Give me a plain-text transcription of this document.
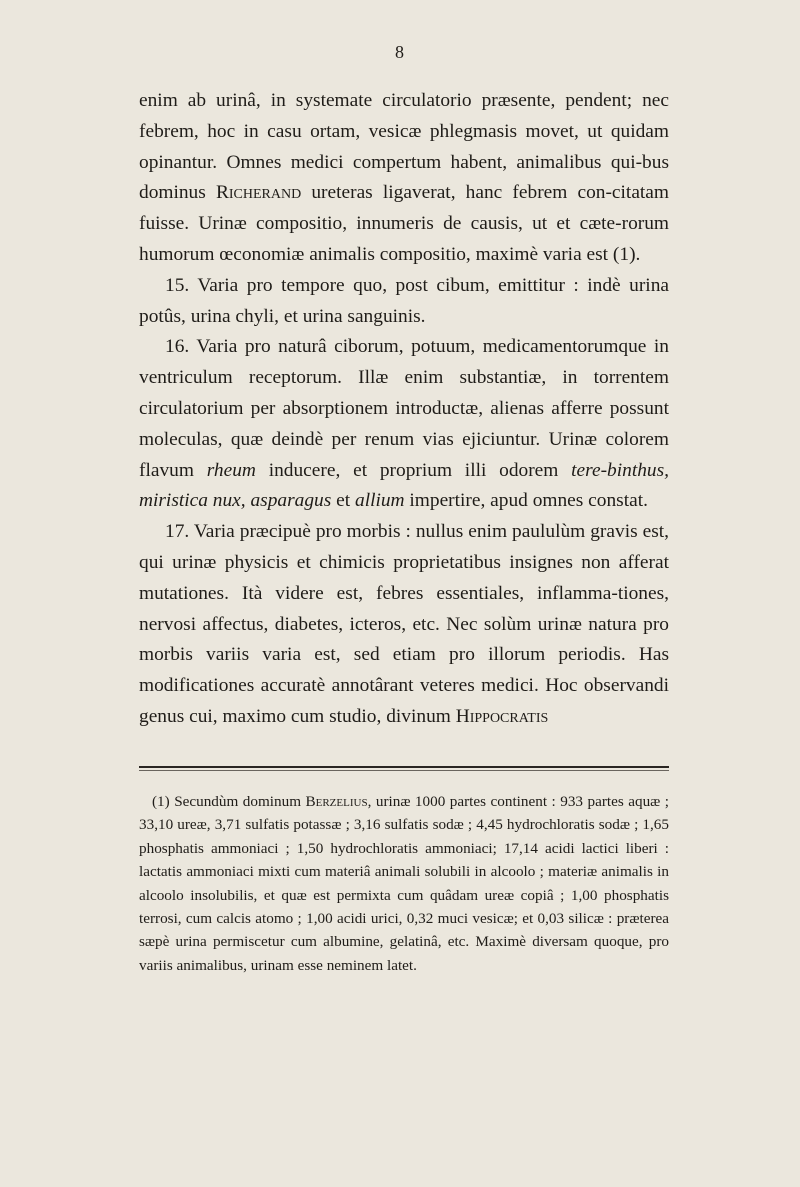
8

enim ab urinâ, in systemate circulatorio præsente, pendent; nec febrem, hoc in casu ortam, vesicæ phlegmasis movet, ut quidam opinantur. Omnes medici compertum habent, animalibus qui-bus dominus Richerand ureteras ligaverat, hanc febrem con-citatam fuisse. Urinæ compositio, innumeris de causis, ut et cæte-rorum humorum œconomiæ animalis compositio, maximè varia est (1).

15. Varia pro tempore quo, post cibum, emittitur : indè urina potûs, urina chyli, et urina sanguinis.

16. Varia pro naturâ ciborum, potuum, medicamentorumque in ventriculum receptorum. Illæ enim substantiæ, in torrentem circulatorium per absorptionem introductæ, alienas afferre possunt moleculas, quæ deindè per renum vias ejiciuntur. Urinæ colorem flavum rheum inducere, et proprium illi odorem tere-binthus, miristica nux, asparagus et allium impertire, apud omnes constat.

17. Varia præcipuè pro morbis : nullus enim paululùm gravis est, qui urinæ physicis et chimicis proprietatibus insignes non afferat mutationes. Ità videre est, febres essentiales, inflamma-tiones, nervosi affectus, diabetes, icteros, etc. Nec solùm urinæ natura pro morbis variis varia est, sed etiam pro illorum periodis. Has modificationes accuratè annotârant veteres medici. Hoc observandi genus cui, maximo cum studio, divinum Hippocratis

(1) Secundùm dominum Berzelius, urinæ 1000 partes continent : 933 partes aquæ ; 33,10 ureæ, 3,71 sulfatis potassæ ; 3,16 sulfatis sodæ ; 4,45 hydrochloratis sodæ ; 1,65 phosphatis ammoniaci ; 1,50 hydrochloratis ammoniaci; 17,14 acidi lactici liberi : lactatis ammoniaci mixti cum materiâ animali solubili in alcoolo ; materiæ animalis in alcoolo insolubilis, et quæ est permixta cum quâdam ureæ copiâ ; 1,00 phosphatis terrosi, cum calcis atomo ; 1,00 acidi urici, 0,32 muci vesicæ; et 0,03 silicæ : præterea sæpè urina permiscetur cum albumine, gelatinâ, etc. Maximè diversam quoque, pro variis animalibus, urinam esse neminem latet.
